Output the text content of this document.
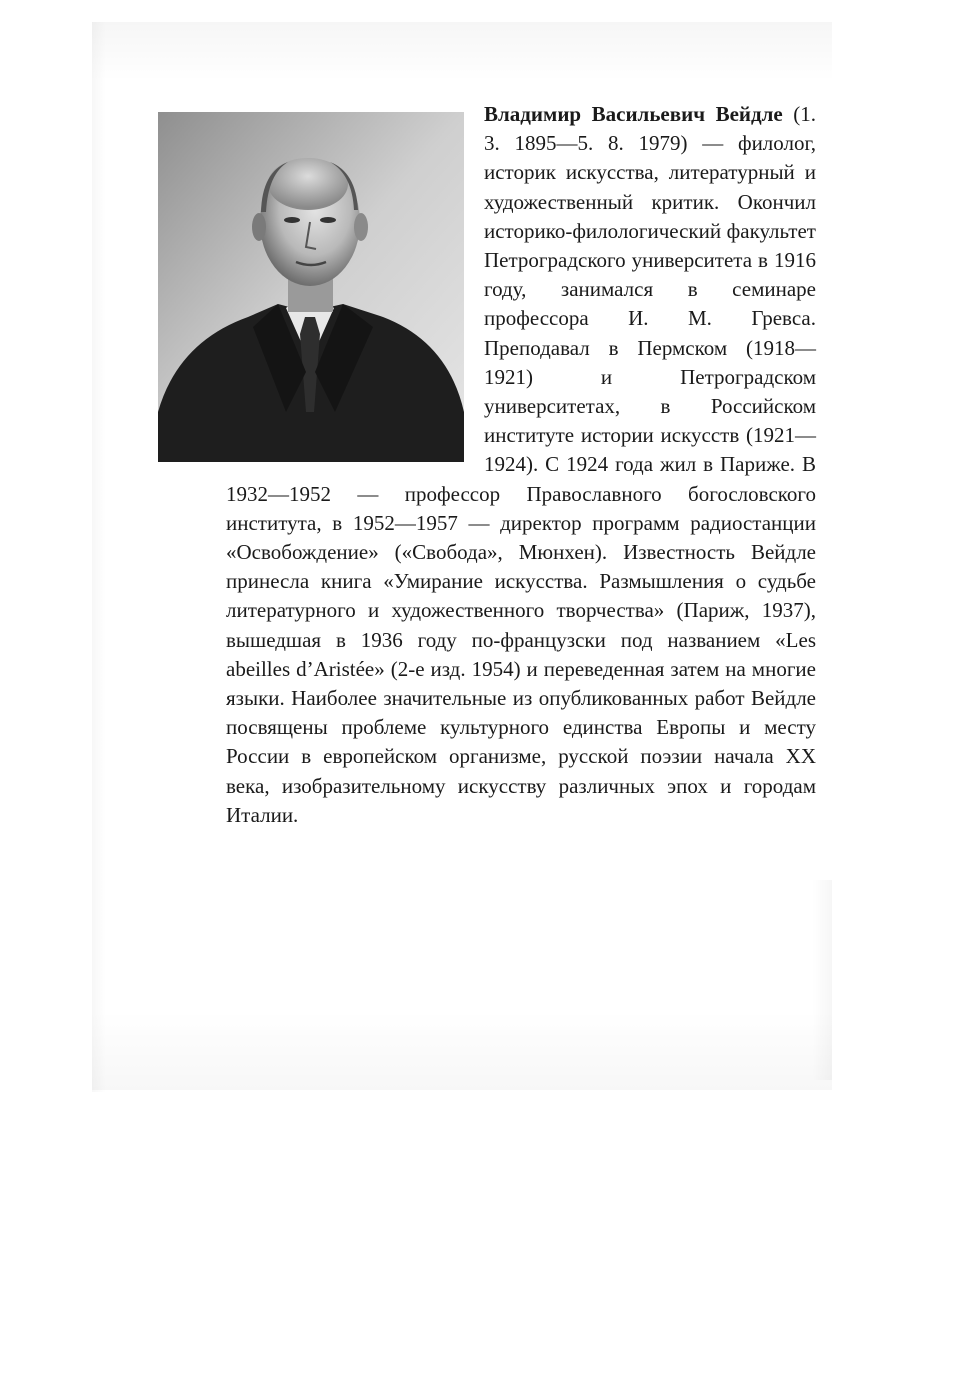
Владимир Васильевич Вейдле (1. 3. 1895—5. 8. 1979) — филолог, историк искусства, литературный и художественный критик. Окончил историко-филологический факультет Петроградского университета в 1916 году, занимался в семинаре профессора И. М. Гревса. Преподавал в Пермском (1918—1921) и Петроградском университетах, в Российском институте истории искусств (1921—1924). С 1924 года жил в Париже. В 1932—1952 — профессор Православного богословского института, в 1952—1957 — директор программ радиостанции «Освобождение» («Свобода», Мюнхен). Известность Вейдле принесла книга «Умирание искусства. Размышления о судьбе литературного и художественного творчества» (Париж, 1937), вышедшая в 1936 году по-французски под названием «Les abeilles d’Aristée» (2-е изд. 1954) и переведенная затем на многие языки. Наиболее значительные из опубликованных работ Вейдле посвящены проблеме культурного единства Европы и месту России в европейском организме, русской поэзии начала XX века, изобразительному искусству различных эпох и городам Италии.
